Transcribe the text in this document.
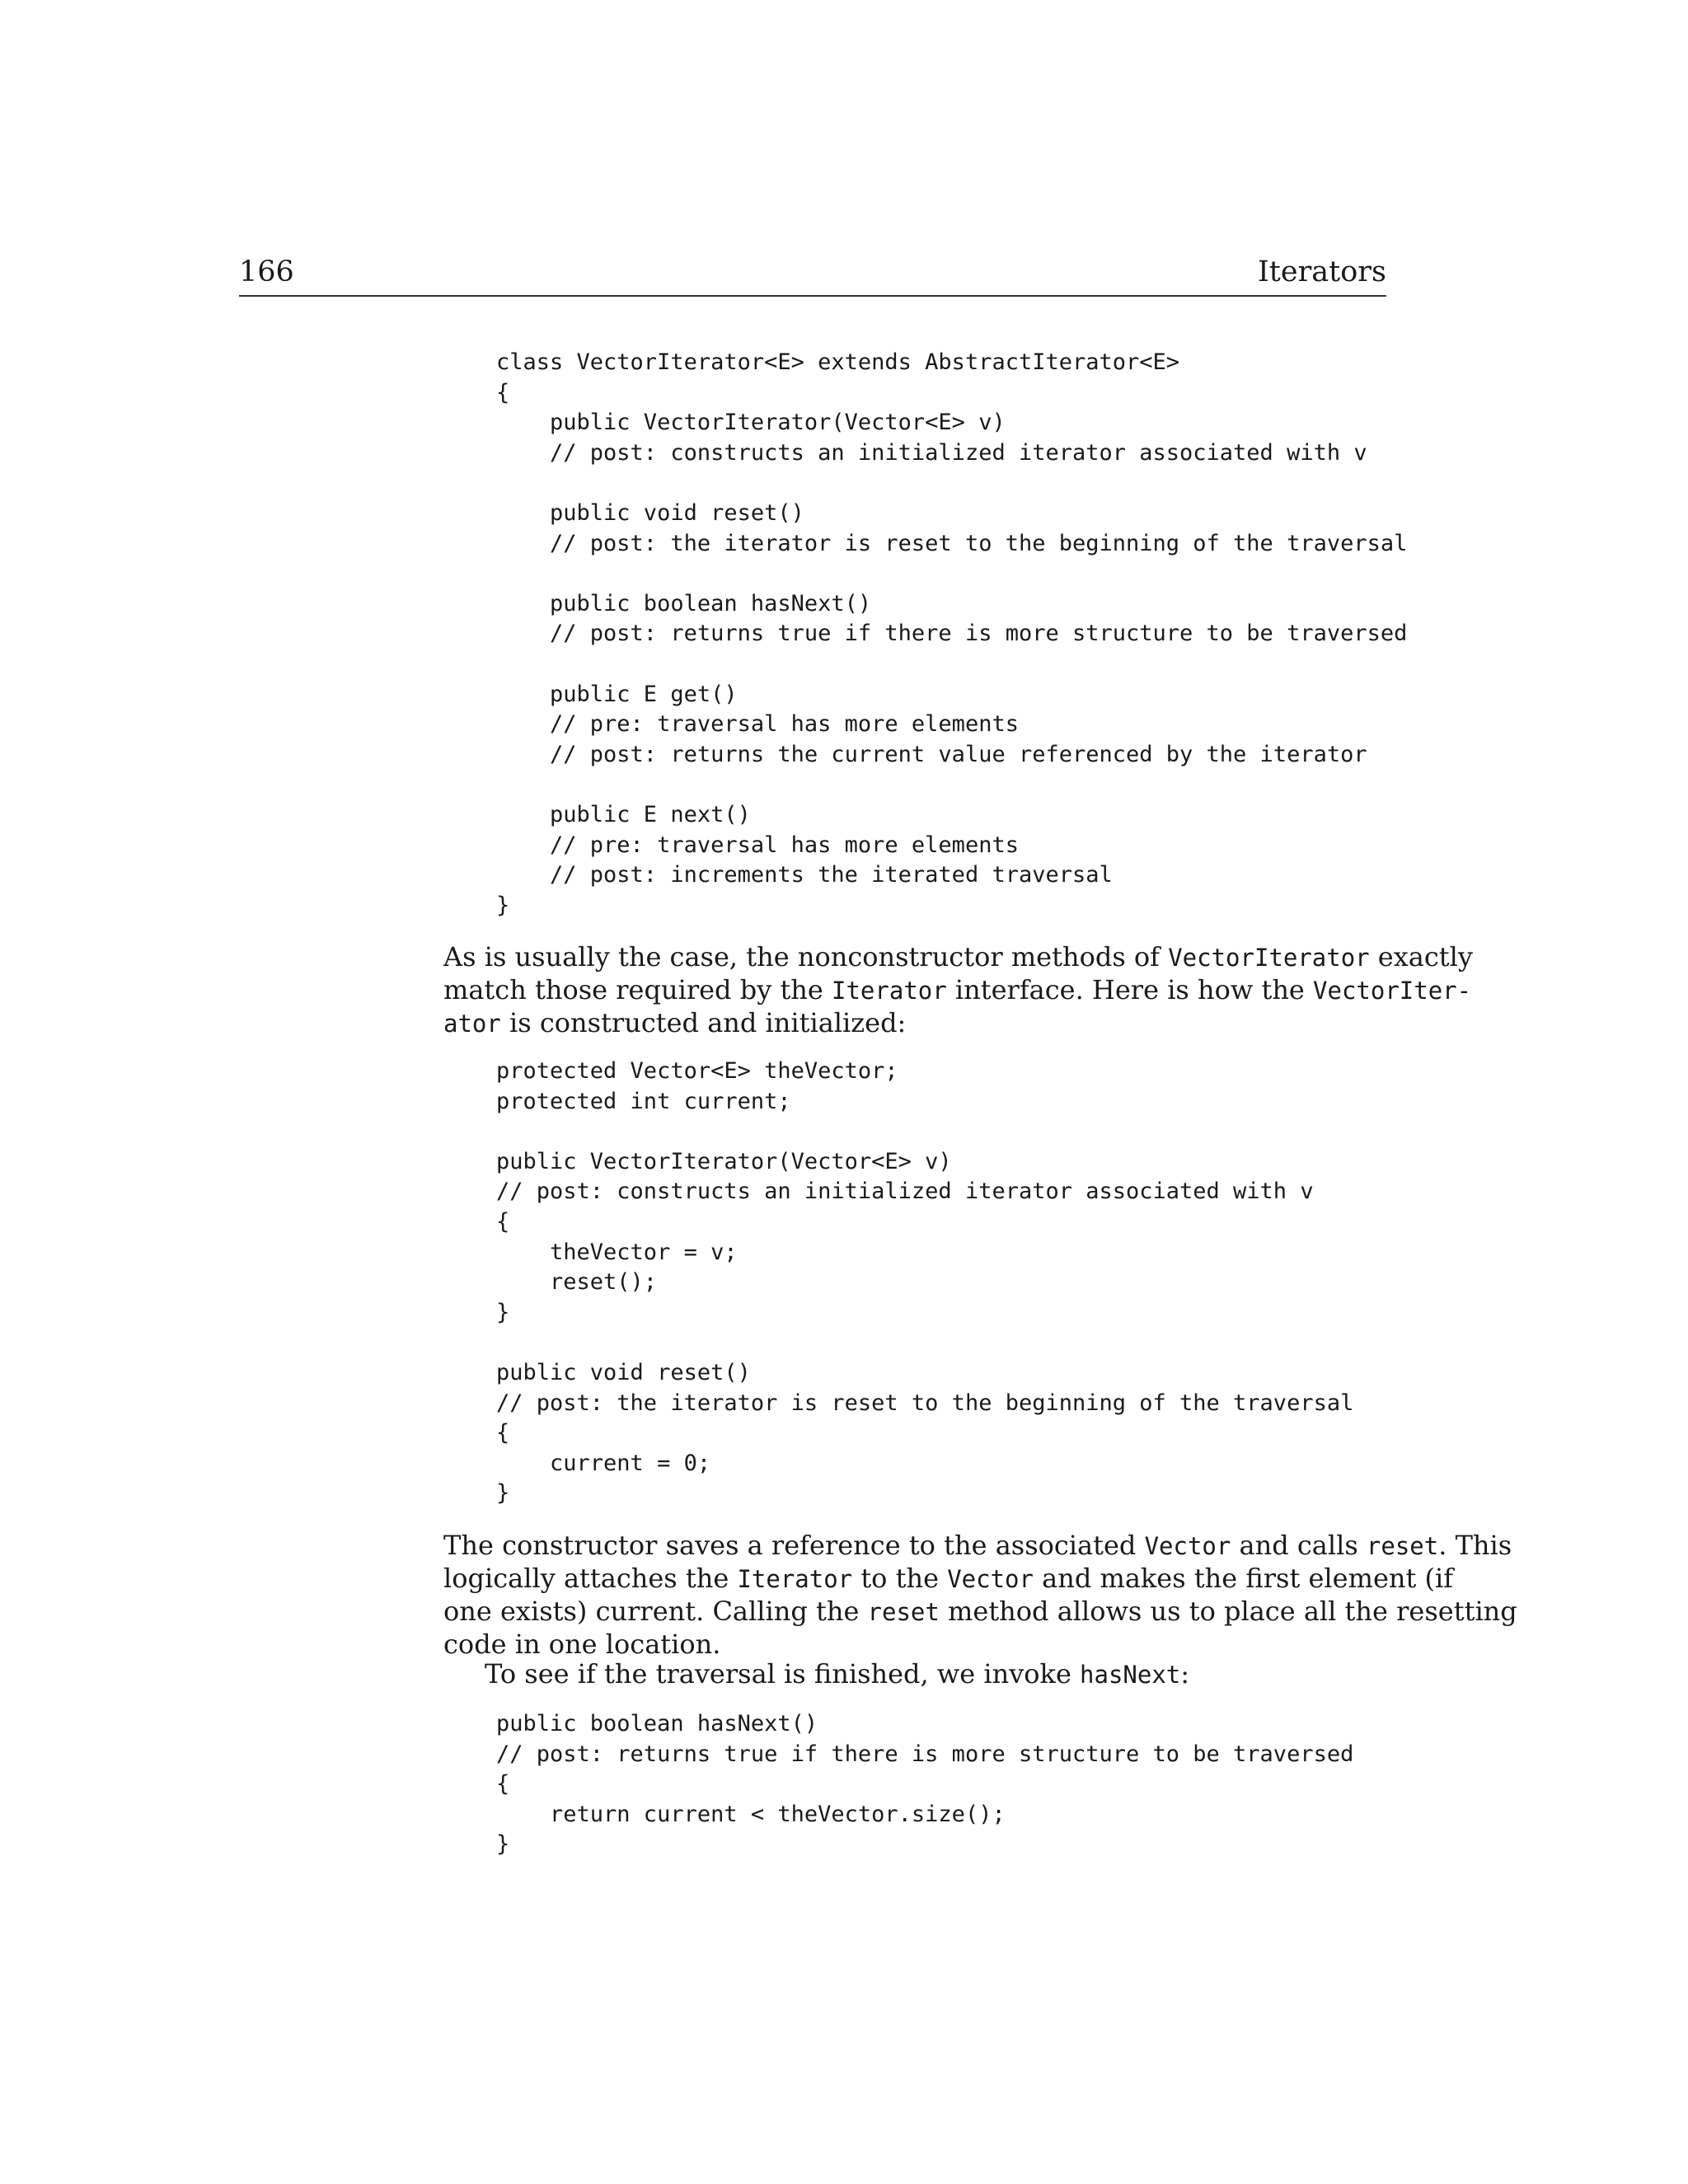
166	Iterators
class VectorIterator<E> extends AbstractIterator<E>
{
public VectorIterator(Vector<E> v)
// post: constructs an initialized iterator associated with v

public void reset()
// post: the iterator is reset to the beginning of the traversal

public boolean hasNext()
// post: returns true if there is more structure to be traversed

public E get()
// pre: traversal has more elements
// post: returns the current value referenced by the iterator

public E next()
// pre: traversal has more elements
// post: increments the iterated traversal
}

As is usually the case, the nonconstructor methods of VectorIterator exactly
match those required by the Iterator interface. Here is how the VectorIter-
ator is constructed and initialized:

protected Vector<E> theVector;
protected int current;

public VectorIterator(Vector<E> v)
// post: constructs an initialized iterator associated with v
{
theVector = v;
reset();
}

public void reset()
// post: the iterator is reset to the beginning of the traversal
{
current = 0;
}

The constructor saves a reference to the associated Vector and calls reset. This
logically attaches the Iterator to the Vector and makes the first element (if
one exists) current. Calling the reset method allows us to place all the resetting
code in one location.

To see if the traversal is finished, we invoke hasNext:

public boolean hasNext()
// post: returns true if there is more structure to be traversed
{
return current < theVector.size();
}
